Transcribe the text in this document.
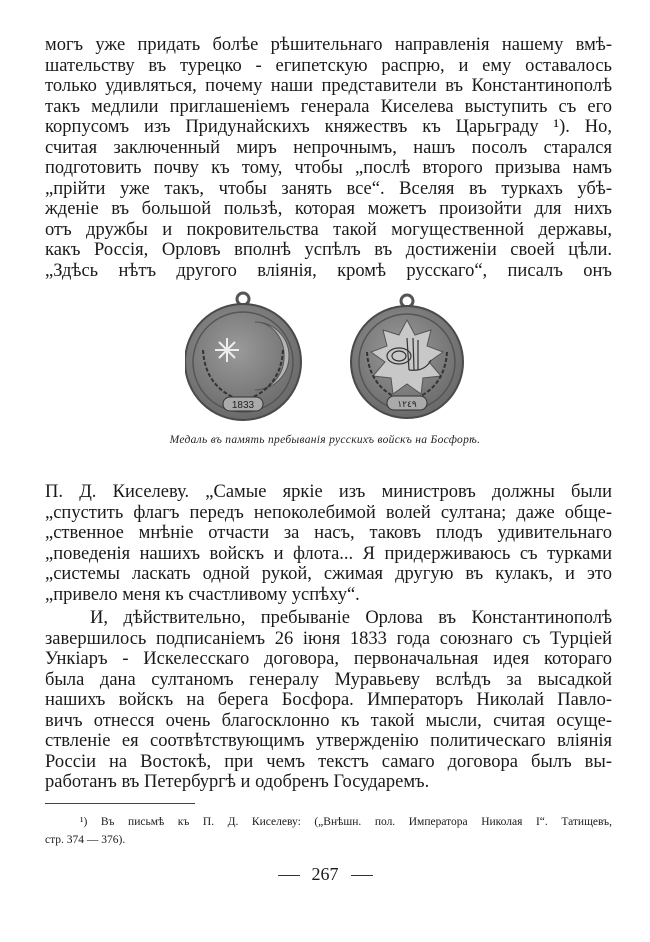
могъ уже придать болѣе рѣшительнаго направленія нашему вмѣ-
шательству въ турецко - египетскую распрю, и ему оставалось
только удивляться, почему наши представители въ Константинополѣ
такъ медлили приглашеніемъ генерала Киселева выступить съ его
корпусомъ изъ Придунайскихъ княжествъ къ Царьграду ¹). Но,
считая заключенный миръ непрочнымъ, нашъ посолъ старался
подготовить почву къ тому, чтобы „послѣ второго призыва намъ
„прійти уже такъ, чтобы занять все“. Вселяя въ туркахъ убѣ-
жденіе въ большой пользѣ, которая можетъ произойти для нихъ
отъ дружбы и покровительства такой могущественной державы,
какъ Россія, Орловъ вполнѣ успѣлъ въ достиженіи своей цѣли.
„Здѣсь нѣтъ другого вліянія, кромѣ русскаго“, писалъ онъ
1833	١٢٤٩
Медаль въ память пребыванія русскихъ войскъ на Босфорѣ.
П. Д. Киселеву. „Самые яркіе изъ министровъ должны были
„спустить флагъ передъ непоколебимой волей султана; даже обще-
„ственное мнѣніе отчасти за насъ, таковъ плодъ удивительнаго
„поведенія нашихъ войскъ и флота... Я придерживаюсь съ турками
„системы ласкать одной рукой, сжимая другую въ кулакъ, и это
„привело меня къ счастливому успѣху“.
И, дѣйствительно, пребываніе Орлова въ Константинополѣ
завершилось подписаніемъ 26 іюня 1833 года союзнаго съ Турціей
Ункіаръ - Искелесскаго договора, первоначальная идея котораго
была дана султаномъ генералу Муравьеву вслѣдъ за высадкой
нашихъ войскъ на берега Босфора. Императоръ Николай Павло-
вичъ отнесся очень благосклонно къ такой мысли, считая осуще-
ствленіе ея соотвѣтствующимъ утвержденію политическаго вліянія
Россіи на Востокѣ, при чемъ текстъ самаго договора былъ вы-
работанъ въ Петербургѣ и одобренъ Государемъ.
¹) Въ письмѣ къ П. Д. Киселеву: („Внѣшн. пол. Императора Николая I“. Татищевъ,
стр. 374 — 376).
267
